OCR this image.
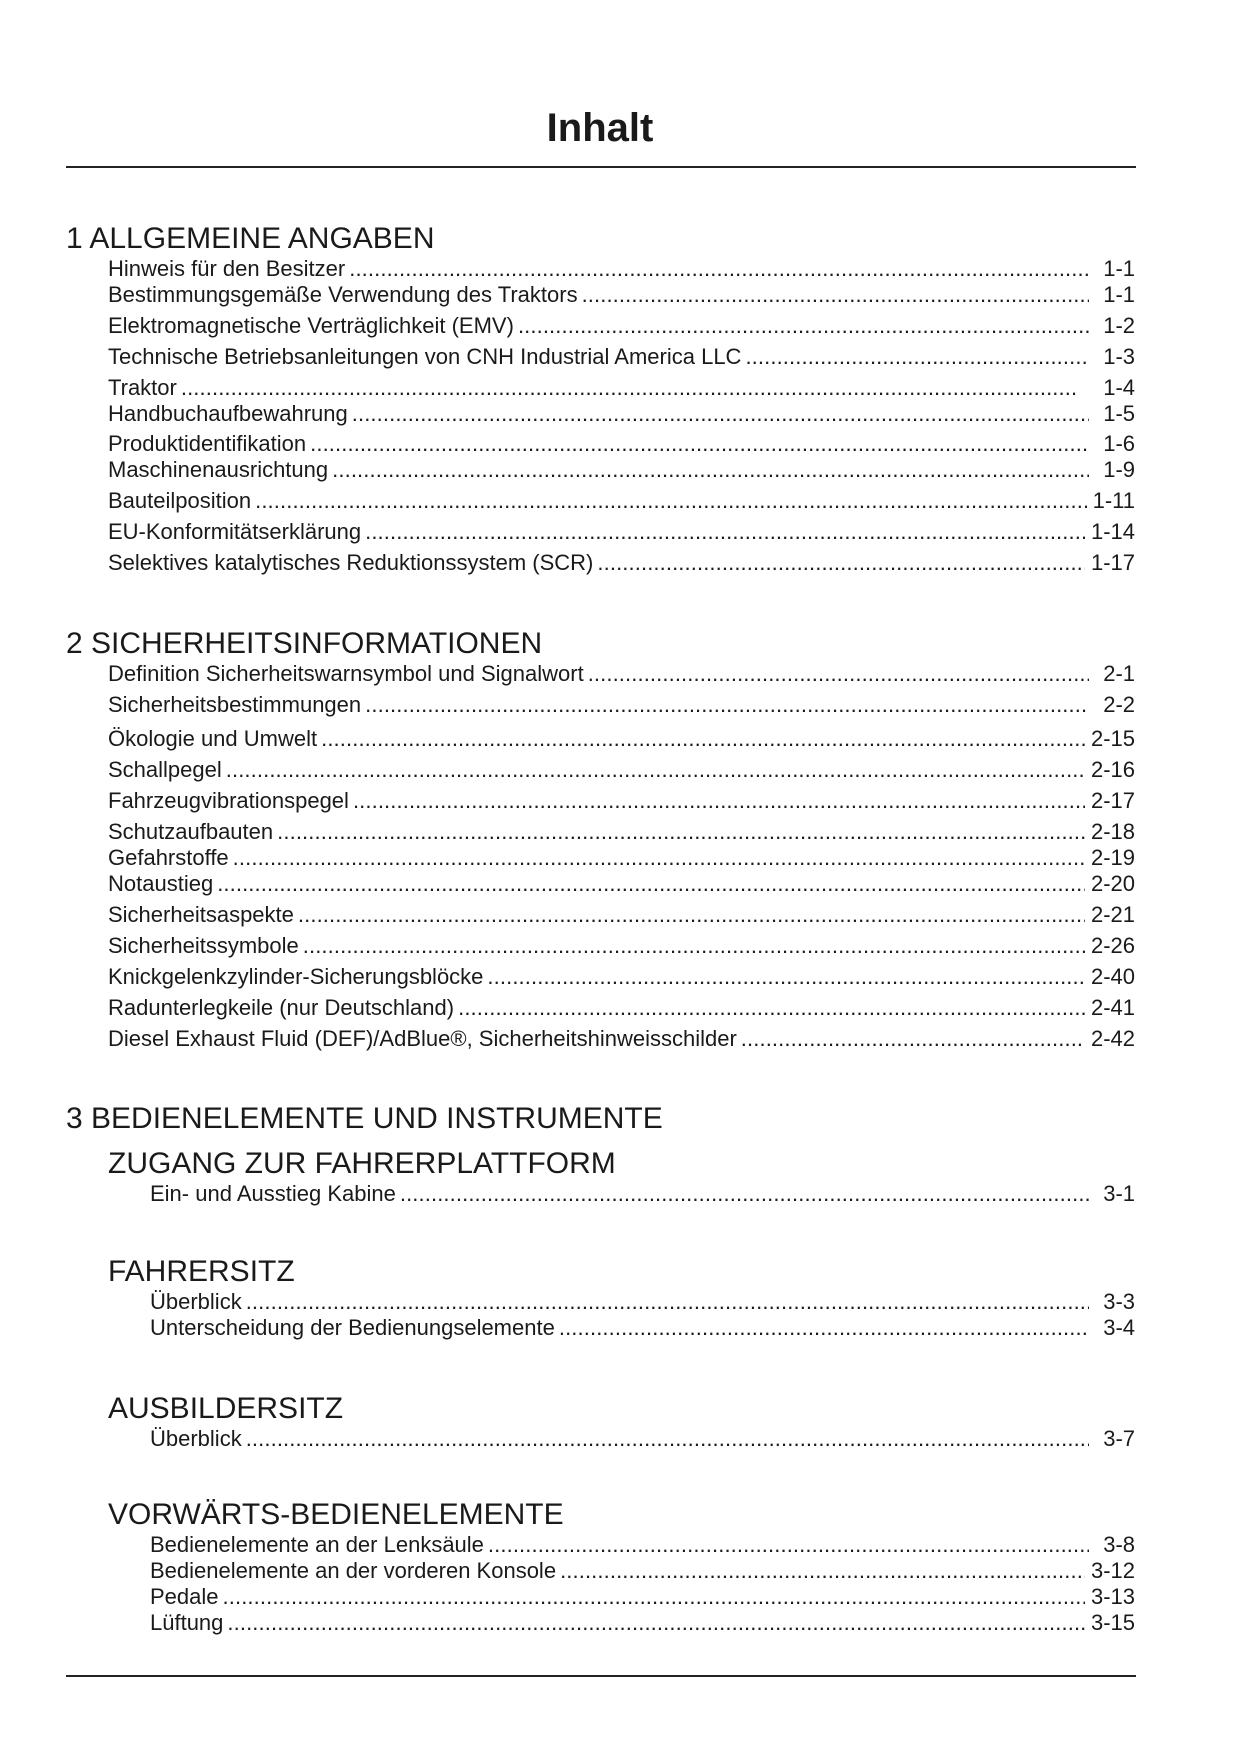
Inhalt
1 ALLGEMEINE ANGABEN
Hinweis für den Besitzer . . .	1-1
Bestimmungsgemäße Verwendung des Traktors . . .	1-1
Elektromagnetische Verträglichkeit (EMV) . . .	1-2
Technische Betriebsanleitungen von CNH Industrial America LLC . . .	1-3
Traktor . . .	1-4
Handbuchaufbewahrung . . .	1-5
Produktidentifikation . . .	1-6
Maschinenausrichtung . . .	1-9
Bauteilposition . . .	1-11
EU-Konformitätserklärung . . .	1-14
Selektives katalytisches Reduktionssystem (SCR) . . .	1-17
2 SICHERHEITSINFORMATIONEN
Definition Sicherheitswarnsymbol und Signalwort . . .	2-1
Sicherheitsbestimmungen . . .	2-2
Ökologie und Umwelt . . .	2-15
Schallpegel . . .	2-16
Fahrzeugvibrationspegel . . .	2-17
Schutzaufbauten . . .	2-18
Gefahrstoffe . . .	2-19
Notaustieg . . .	2-20
Sicherheitsaspekte . . .	2-21
Sicherheitssymbole . . .	2-26
Knickgelenkzylinder-Sicherungsblöcke . . .	2-40
Radunterlegkeile (nur Deutschland) . . .	2-41
Diesel Exhaust Fluid (DEF)/AdBlue®, Sicherheitshinweisschilder . . .	2-42
3 BEDIENELEMENTE UND INSTRUMENTE
ZUGANG ZUR FAHRERPLATTFORM
Ein- und Ausstieg Kabine . . .	3-1
FAHRERSITZ
Überblick . . .	3-3
Unterscheidung der Bedienungselemente . . .	3-4
AUSBILDERSITZ
Überblick . . .	3-7
VORWÄRTS-BEDIENELEMENTE
Bedienelemente an der Lenksäule . . .	3-8
Bedienelemente an der vorderen Konsole . . .	3-12
Pedale . . .	3-13
Lüftung . . .	3-15
